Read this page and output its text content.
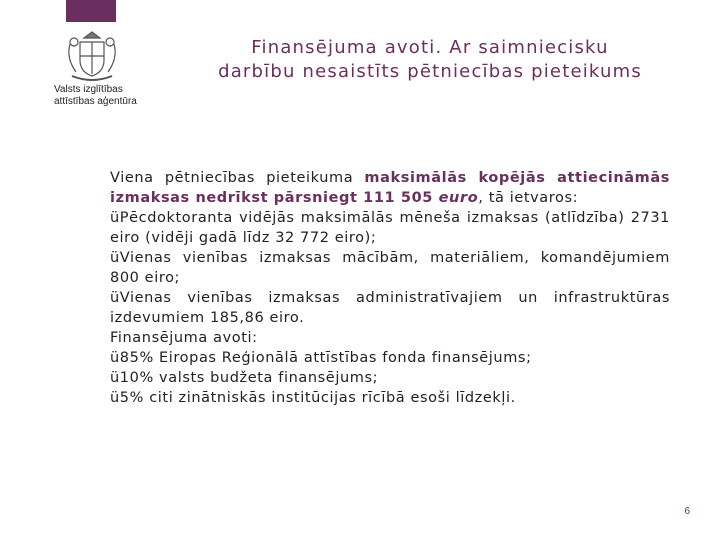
Valsts izglītības
attīstības aģentūra
Finansējuma avoti. Ar saimniecisku
darbību nesaistīts pētniecības pieteikums

Viena pētniecības pieteikuma maksimālās kopējās attiecināmās izmaksas nedrīkst pārsniegt 111 505 euro, tā ietvaros:

üPēcdoktoranta vidējās maksimālās mēneša izmaksas (atlīdzība) 2731 eiro (vidēji gadā līdz 32 772 eiro);

üVienas vienības izmaksas mācībām, materiāliem, komandējumiem 800 eiro;

üVienas vienības izmaksas administratīvajiem un infrastruktūras izdevumiem 185,86 eiro.

Finansējuma avoti:

ü85% Eiropas Reģionālā attīstības fonda finansējums;

ü10% valsts budžeta finansējums;

ü5% citi zinātniskās institūcijas rīcībā esoši līdzekļi.

6
